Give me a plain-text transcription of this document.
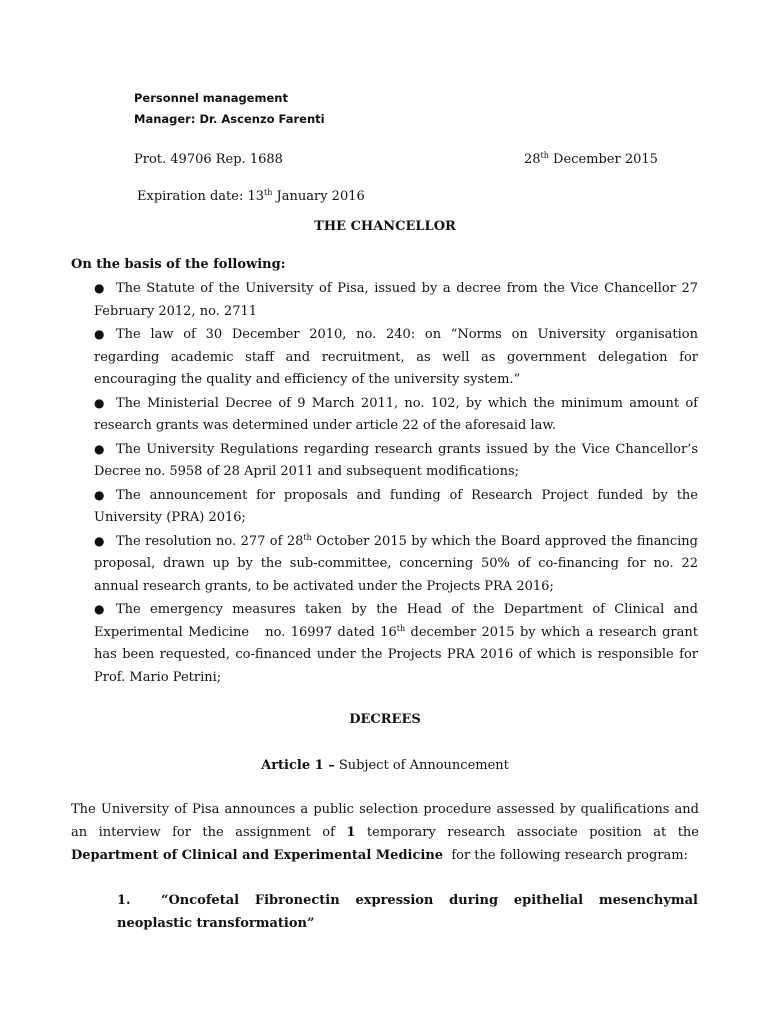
Personnel management
Manager: Dr. Ascenzo Farenti
Prot. 49706 Rep. 1688	28th December 2015
Expiration date: 13th January 2016
THE CHANCELLOR
On the basis of the following:
● The Statute of the University of Pisa, issued by a decree from the Vice Chancellor 27 February 2012, no. 2711
● The law of 30 December 2010, no. 240: on “Norms on University organisation regarding academic staff and recruitment, as well as government delegation for encouraging the quality and efficiency of the university system.”
● The Ministerial Decree of 9 March 2011, no. 102, by which the minimum amount of research grants was determined under article 22 of the aforesaid law.
● The University Regulations regarding research grants issued by the Vice Chancellor’s Decree no. 5958 of 28 April 2011 and subsequent modifications;
● The announcement for proposals and funding of Research Project funded by the University (PRA) 2016;
● The resolution no. 277 of 28th October 2015 by which the Board approved the financing proposal, drawn up by the sub-committee, concerning 50% of co-financing for no. 22 annual research grants, to be activated under the Projects PRA 2016;
● The emergency measures taken by the Head of the Department of Clinical and Experimental Medicine   no. 16997 dated 16th december 2015 by which a research grant has been requested, co-financed under the Projects PRA 2016 of which is responsible for Prof. Mario Petrini;
DECREES
Article 1 – Subject of Announcement
The University of Pisa announces a public selection procedure assessed by qualifications and an interview for the assignment of 1 temporary research associate position at the Department of Clinical and Experimental Medicine  for the following research program:
1. “Oncofetal Fibronectin expression during epithelial mesenchymal neoplastic transformation”
